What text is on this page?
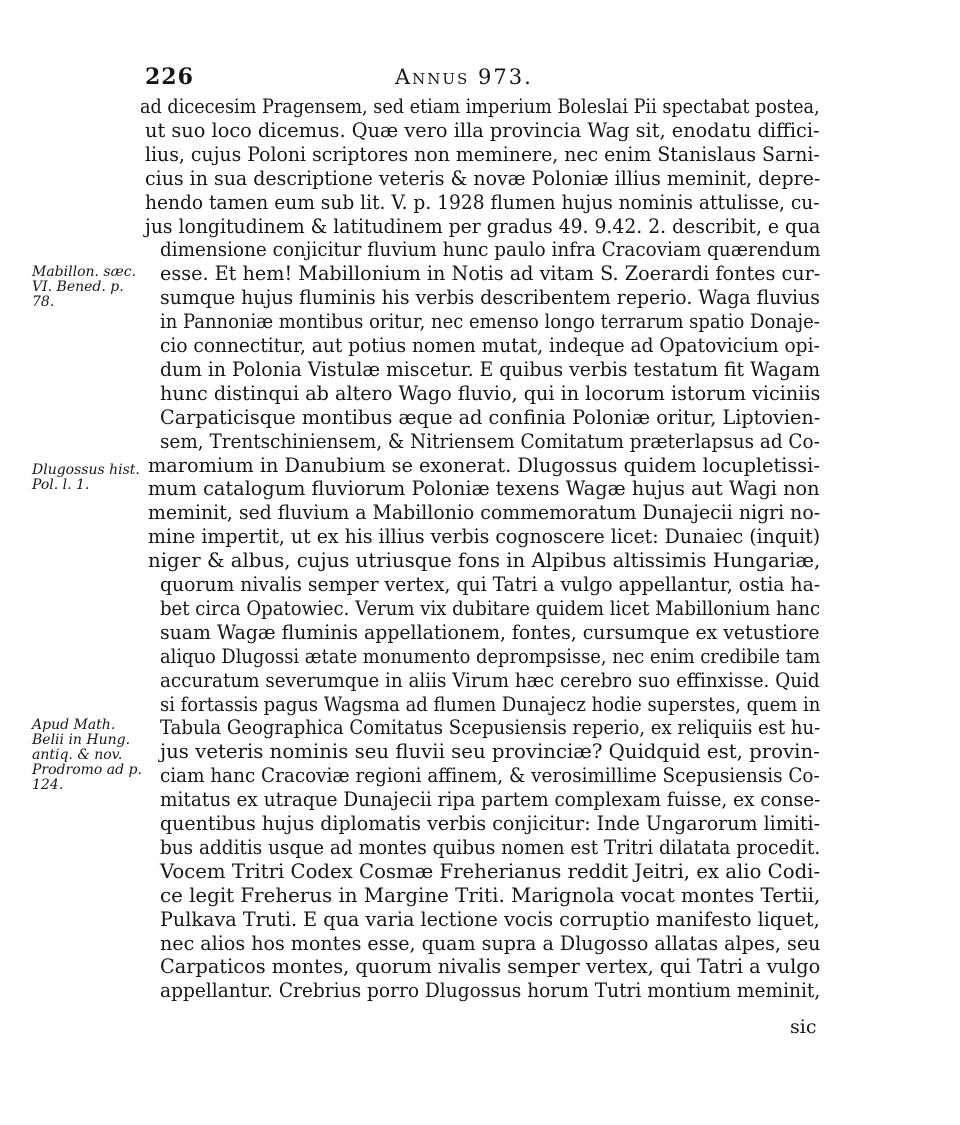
226	Annus 973.
ad dicecesim Pragensem, sed etiam imperium Boleslai Pii spectabat postea,
ut suo loco dicemus. Quæ vero illa provincia Wag sit, enodatu diffici-
lius, cujus Poloni scriptores non meminere, nec enim Stanislaus Sarni-
cius in sua descriptione veteris & novæ Poloniæ illius meminit, depre-
hendo tamen eum sub lit. V. p. 1928 flumen hujus nominis attulisse, cu-
jus longitudinem & latitudinem per gradus 49. 9.42. 2. describit, e qua
dimensione conjicitur fluvium hunc paulo infra Cracoviam quærendum
esse. Et hem! Mabillonium in Notis ad vitam S. Zoerardi fontes cur-
sumque hujus fluminis his verbis describentem reperio. Waga fluvius
in Pannoniæ montibus oritur, nec emenso longo terrarum spatio Donaje-
cio connectitur, aut potius nomen mutat, indeque ad Opatovicium opi-
dum in Polonia Vistulæ miscetur. E quibus verbis testatum fit Wagam
hunc distinqui ab altero Wago fluvio, qui in locorum istorum viciniis
Carpaticisque montibus æque ad confinia Poloniæ oritur, Liptovien-
sem, Trentschiniensem, & Nitriensem Comitatum præterlapsus ad Co-
maromium in Danubium se exonerat. Dlugossus quidem locupletissi-
mum catalogum fluviorum Poloniæ texens Wagæ hujus aut Wagi non
meminit, sed fluvium a Mabillonio commemoratum Dunajecii nigri no-
mine impertit, ut ex his illius verbis cognoscere licet: Dunaiec (inquit)
niger & albus, cujus utriusque fons in Alpibus altissimis Hungariæ,
quorum nivalis semper vertex, qui Tatri a vulgo appellantur, ostia ha-
bet circa Opatowiec. Verum vix dubitare quidem licet Mabillonium hanc
suam Wagæ fluminis appellationem, fontes, cursumque ex vetustiore
aliquo Dlugossi ætate monumento deprompsisse, nec enim credibile tam
accuratum severumque in aliis Virum hæc cerebro suo effinxisse. Quid
si fortassis pagus Wagsma ad flumen Dunajecz hodie superstes, quem in
Tabula Geographica Comitatus Scepusiensis reperio, ex reliquiis est hu-
jus veteris nominis seu fluvii seu provinciæ? Quidquid est, provin-
ciam hanc Cracoviæ regioni affinem, & verosimillime Scepusiensis Co-
mitatus ex utraque Dunajecii ripa partem complexam fuisse, ex conse-
quentibus hujus diplomatis verbis conjicitur: Inde Ungarorum limiti-
bus additis usque ad montes quibus nomen est Tritri dilatata procedit.
Vocem Tritri Codex Cosmæ Freherianus reddit Jeitri, ex alio Codi-
ce legit Freherus in Margine Triti. Marignola vocat montes Tertii,
Pulkava Truti. E qua varia lectione vocis corruptio manifesto liquet,
nec alios hos montes esse, quam supra a Dlugosso allatas alpes, seu
Carpaticos montes, quorum nivalis semper vertex, qui Tatri a vulgo
appellantur. Crebrius porro Dlugossus horum Tutri montium meminit,
Mabillon. sæc.
VI. Bened. p.
78.
Dlugossus hist.
Pol. l. 1.
Apud Math.
Belii in Hung.
antiq. & nov.
Prodromo ad p.
124.
sic
